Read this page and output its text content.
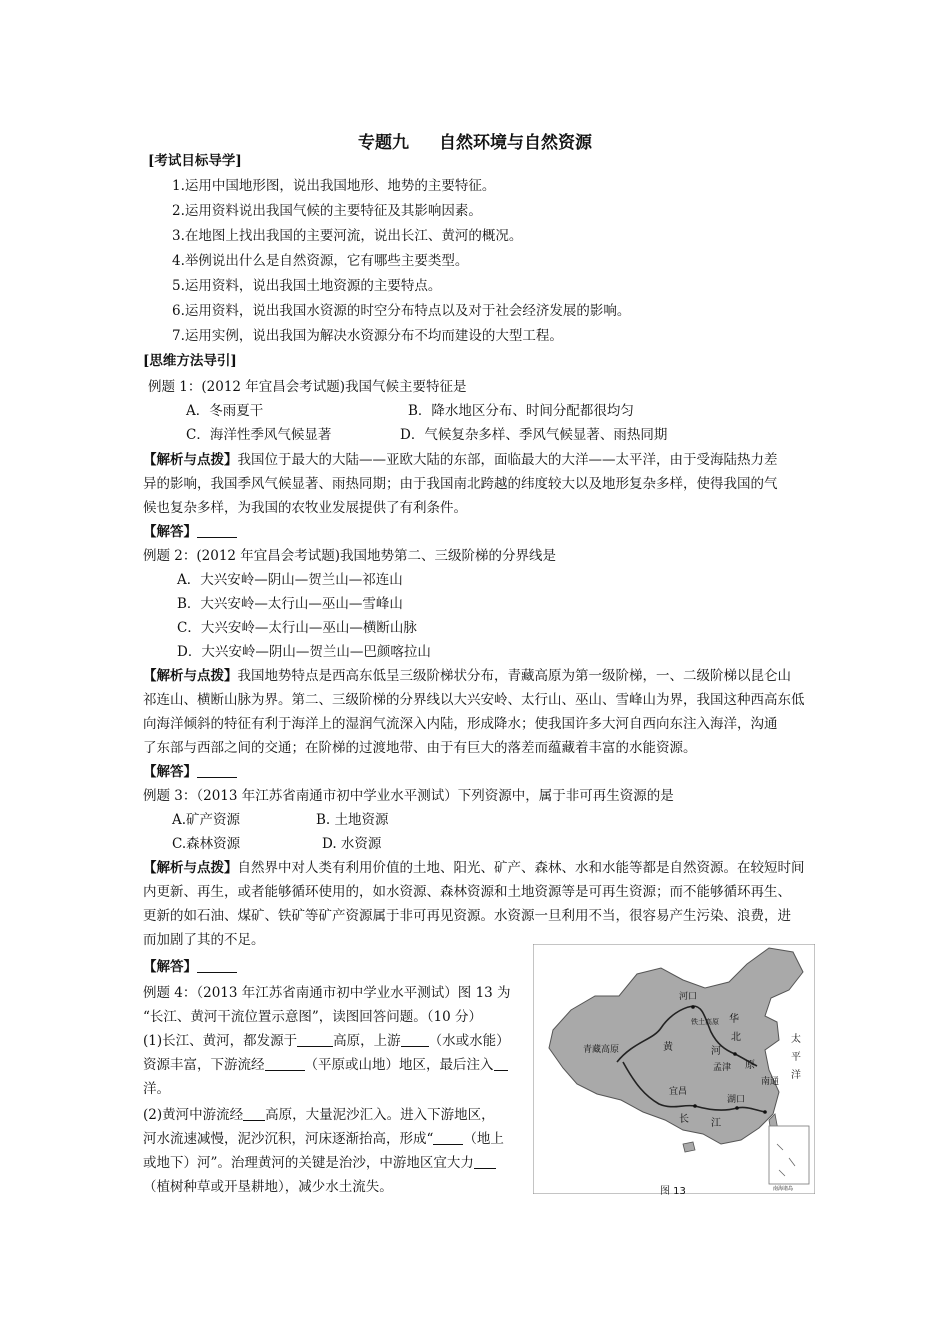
专题九 自然环境与自然资源
[考试目标导学]
1.运用中国地形图，说出我国地形、地势的主要特征。
2.运用资料说出我国气候的主要特征及其影响因素。
3.在地图上找出我国的主要河流，说出长江、黄河的概况。
4.举例说出什么是自然资源，它有哪些主要类型。
5.运用资料，说出我国土地资源的主要特点。
6.运用资料，说出我国水资源的时空分布特点以及对于社会经济发展的影响。
7.运用实例，说出我国为解决水资源分布不均而建设的大型工程。
[思维方法导引]
例题 1：(2012 年宜昌会考试题)我国气候主要特征是
A．冬雨夏干	B．降水地区分布、时间分配都很均匀
C．海洋性季风气候显著	D．气候复杂多样、季风气候显著、雨热同期
【解析与点拨】我国位于最大的大陆——亚欧大陆的东部，面临最大的大洋——太平洋，由于受海陆热力差
异的影响，我国季风气候显著、雨热同期；由于我国南北跨越的纬度较大以及地形复杂多样，使得我国的气
候也复杂多样，为我国的农牧业发展提供了有利条件。
【解答】
例题 2：(2012 年宜昌会考试题)我国地势第二、三级阶梯的分界线是
A．大兴安岭—阴山—贺兰山—祁连山
B．大兴安岭—太行山—巫山—雪峰山
C．大兴安岭—太行山—巫山—横断山脉
D．大兴安岭—阴山—贺兰山—巴颜喀拉山
【解析与点拨】我国地势特点是西高东低呈三级阶梯状分布，青藏高原为第一级阶梯，一、二级阶梯以昆仑山
祁连山、横断山脉为界。第二、三级阶梯的分界线以大兴安岭、太行山、巫山、雪峰山为界，我国这种西高东低
向海洋倾斜的特征有利于海洋上的湿润气流深入内陆，形成降水；使我国许多大河自西向东注入海洋，沟通
了东部与西部之间的交通；在阶梯的过渡地带、由于有巨大的落差而蕴藏着丰富的水能资源。
【解答】
例题 3：（2013 年江苏省南通市初中学业水平测试）下列资源中，属于非可再生资源的是
A.矿产资源	B. 土地资源
C.森林资源	D. 水资源
【解析与点拨】自然界中对人类有利用价值的土地、阳光、矿产、森林、水和水能等都是自然资源。在较短时间
内更新、再生，或者能够循环使用的，如水资源、森林资源和土地资源等是可再生资源；而不能够循环再生、
更新的如石油、煤矿、铁矿等矿产资源属于非可再见资源。水资源一旦利用不当，很容易产生污染、浪费，进
而加剧了其的不足。
【解答】
例题 4：（2013 年江苏省南通市初中学业水平测试）图 13 为
“长江、黄河干流位置示意图”，读图回答问题。（10 分）
(1)长江、黄河，都发源于	高原，上游 （水或水能）
资源丰富，下游流经	（平原或山地）地区，最后注入
洋。
(2)黄河中游流经 高原，大量泥沙汇入。进入下游地区，
河水流速减慢，泥沙沉积，河床逐渐抬高，形成“ （地上
或地下）河”。治理黄河的关键是治沙，中游地区宜大力
（植树种草或开垦耕地），减少水土流失。
青藏高原
河口
铁土高原
黄	河
华
北
原
孟津
宜昌
长 江
湖口
南通
太
平
洋
南海诸岛
图 13
